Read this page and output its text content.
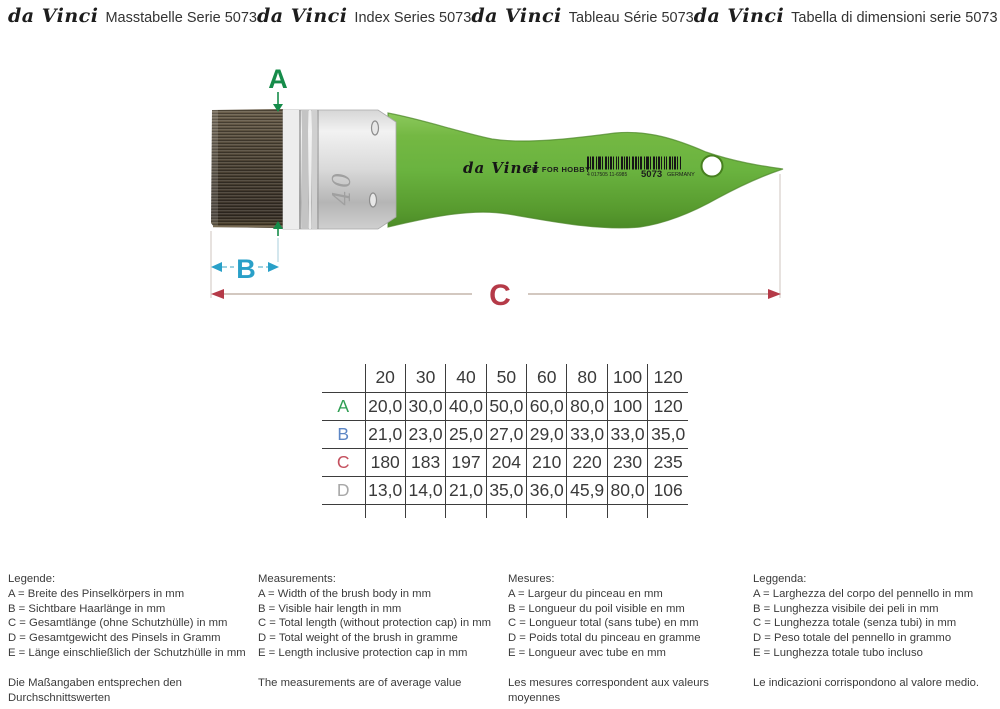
da Vinci Masstabelle Serie 5073 da Vinci Index Series 5073 da Vinci Tableau Série 5073 da Vinci Tabella di dimensioni serie 5073
da Vinci
FIT FOR HOBBY
4 017505 11-6985 5073 GERMANY
40
A
B
C
	20	30	40	50	60	80	100	120
A	20,0	30,0	40,0	50,0	60,0	80,0	100	120
B	21,0	23,0	25,0	27,0	29,0	33,0	33,0	35,0
C	180	183	197	204	210	220	230	235
D	13,0	14,0	21,0	35,0	36,0	45,9	80,0	106

Legende:
A = Breite des Pinselkörpers in mm
B = Sichtbare Haarlänge in mm
C = Gesamtlänge (ohne Schutzhülle) in mm
D = Gesamtgewicht des Pinsels in Gramm
E = Länge einschließlich der Schutzhülle in mm
Die Maßangaben entsprechen den Durchschnittswerten
Measurements:
A = Width of the brush body in mm
B = Visible hair length in mm
C = Total length (without protection cap) in mm
D = Total weight of the brush in gramme
E = Length inclusive protection cap in mm
The measurements are of average value
Mesures:
A = Largeur du pinceau en mm
B = Longueur du poil visible en mm
C = Longueur total (sans tube) en mm
D = Poids total du pinceau en gramme
E = Longueur avec tube en mm
Les mesures correspondent aux valeurs moyennes
Leggenda:
A = Larghezza del corpo del pennello in mm
B = Lunghezza visibile dei peli in mm
C = Lunghezza totale (senza tubi) in mm
D = Peso totale del pennello in grammo
E = Lunghezza totale tubo incluso
Le indicazioni corrispondono al valore medio.
